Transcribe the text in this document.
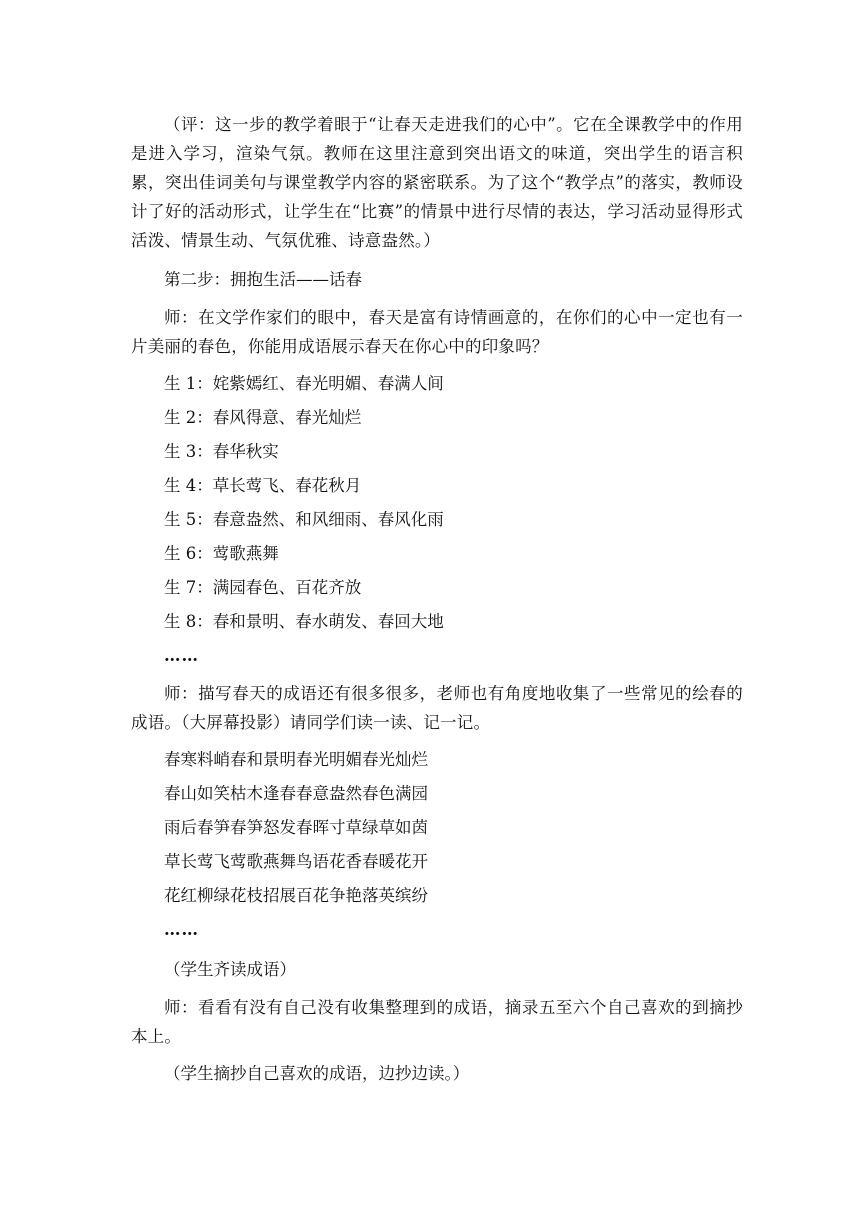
（评：这一步的教学着眼于“让春天走进我们的心中”。它在全课教学中的作用是进入学习，渲染气氛。教师在这里注意到突出语文的味道，突出学生的语言积累，突出佳词美句与课堂教学内容的紧密联系。为了这个“教学点”的落实，教师设计了好的活动形式，让学生在“比赛”的情景中进行尽情的表达，学习活动显得形式活泼、情景生动、气氛优雅、诗意盎然。）

第二步：拥抱生活——话春

师：在文学作家们的眼中，春天是富有诗情画意的，在你们的心中一定也有一片美丽的春色，你能用成语展示春天在你心中的印象吗？

生 1：姹紫嫣红、春光明媚、春满人间

生 2：春风得意、春光灿烂

生 3：春华秋实

生 4：草长莺飞、春花秋月

生 5：春意盎然、和风细雨、春风化雨

生 6：莺歌燕舞

生 7：满园春色、百花齐放

生 8：春和景明、春水萌发、春回大地

……

师：描写春天的成语还有很多很多，老师也有角度地收集了一些常见的绘春的成语。（大屏幕投影）请同学们读一读、记一记。

春寒料峭春和景明春光明媚春光灿烂

春山如笑枯木逢春春意盎然春色满园

雨后春笋春笋怒发春晖寸草绿草如茵

草长莺飞莺歌燕舞鸟语花香春暖花开

花红柳绿花枝招展百花争艳落英缤纷

……

（学生齐读成语）

师：看看有没有自己没有收集整理到的成语，摘录五至六个自己喜欢的到摘抄本上。

（学生摘抄自己喜欢的成语，边抄边读。）
